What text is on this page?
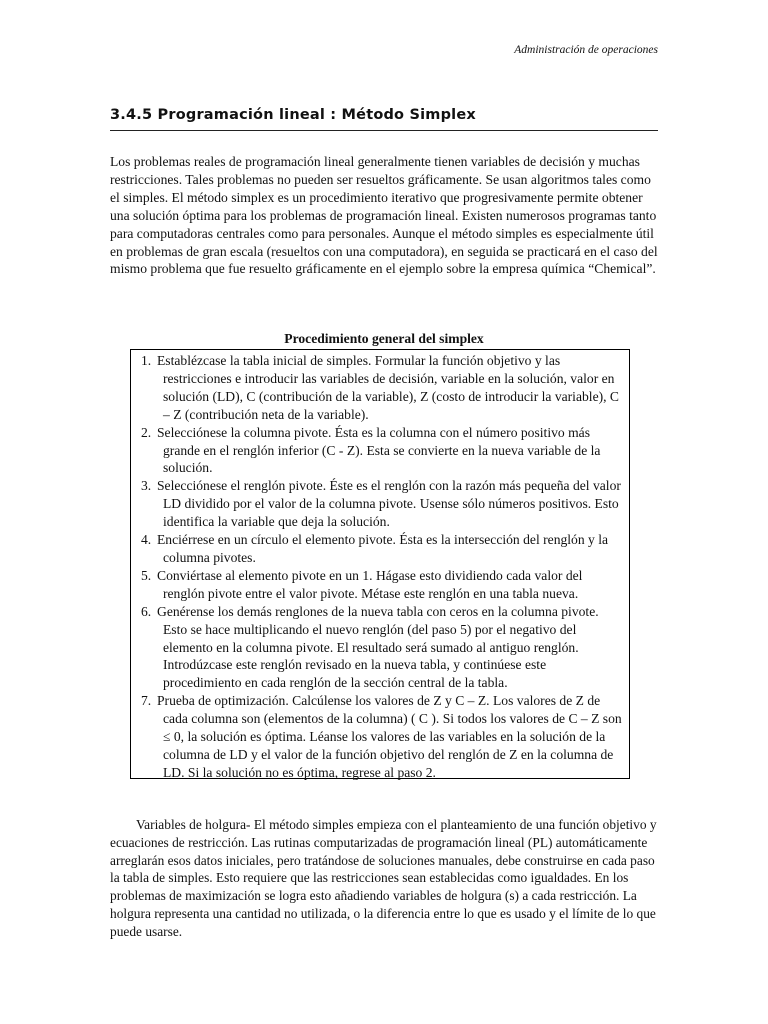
Administración de operaciones
3.4.5 Programación lineal : Método Simplex

Los problemas reales de programación lineal generalmente tienen variables de decisión y muchas restricciones. Tales problemas no pueden ser resueltos gráficamente. Se usan algoritmos tales como el simples. El método simplex es un procedimiento iterativo que progresivamente permite obtener una solución óptima para los problemas de programación lineal. Existen numerosos programas tanto para computadoras centrales como para personales. Aunque el método simples es especialmente útil en problemas de gran escala (resueltos con una computadora), en seguida se practicará en el caso del mismo problema que fue resuelto gráficamente en el ejemplo sobre la empresa química “Chemical”.

Procedimiento general del simplex

1. Establézcase la tabla inicial de simples. Formular la función objetivo y las restricciones e introducir las variables de decisión, variable en la solución, valor en solución (LD), C (contribución de la variable), Z (costo de introducir la variable), C – Z (contribución neta de la variable).
2. Selecciónese la columna pivote. Ésta es la columna con el número positivo más grande en el renglón inferior (C - Z). Esta se convierte en la nueva variable de la solución.
3. Selecciónese el renglón pivote. Éste es el renglón con la razón más pequeña del valor LD dividido por el valor de la columna pivote. Usense sólo números positivos. Esto identifica la variable que deja la solución.
4. Enciérrese en un círculo el elemento pivote. Ésta es la intersección del renglón y la columna pivotes.
5. Conviértase al elemento pivote en un 1. Hágase esto dividiendo cada valor del renglón pivote entre el valor pivote. Métase este renglón en una tabla nueva.
6. Genérense los demás renglones de la nueva tabla con ceros en la columna pivote. Esto se hace multiplicando el nuevo renglón (del paso 5) por el negativo del elemento en la columna pivote. El resultado será sumado al antiguo renglón. Introdúzcase este renglón revisado en la nueva tabla, y continúese este procedimiento en cada renglón de la sección central de la tabla.
7. Prueba de optimización. Calcúlense los valores de Z y C – Z. Los valores de Z de cada columna son (elementos de la columna) ( C ). Si todos los valores de C – Z son ≤ 0, la solución es óptima. Léanse los valores de las variables en la solución de la columna de LD y el valor de la función objetivo del renglón de Z en la columna de LD. Si la solución no es óptima, regrese al paso 2.

Variables de holgura- El método simples empieza con el planteamiento de una función objetivo y ecuaciones de restricción. Las rutinas computarizadas de programación lineal (PL) automáticamente arreglarán esos datos iniciales, pero tratándose de soluciones manuales, debe construirse en cada paso la tabla de simples. Esto requiere que las restricciones sean establecidas como igualdades. En los problemas de maximización se logra esto añadiendo variables de holgura (s) a cada restricción. La holgura representa una cantidad no utilizada, o la diferencia entre lo que es usado y el límite de lo que puede usarse.
